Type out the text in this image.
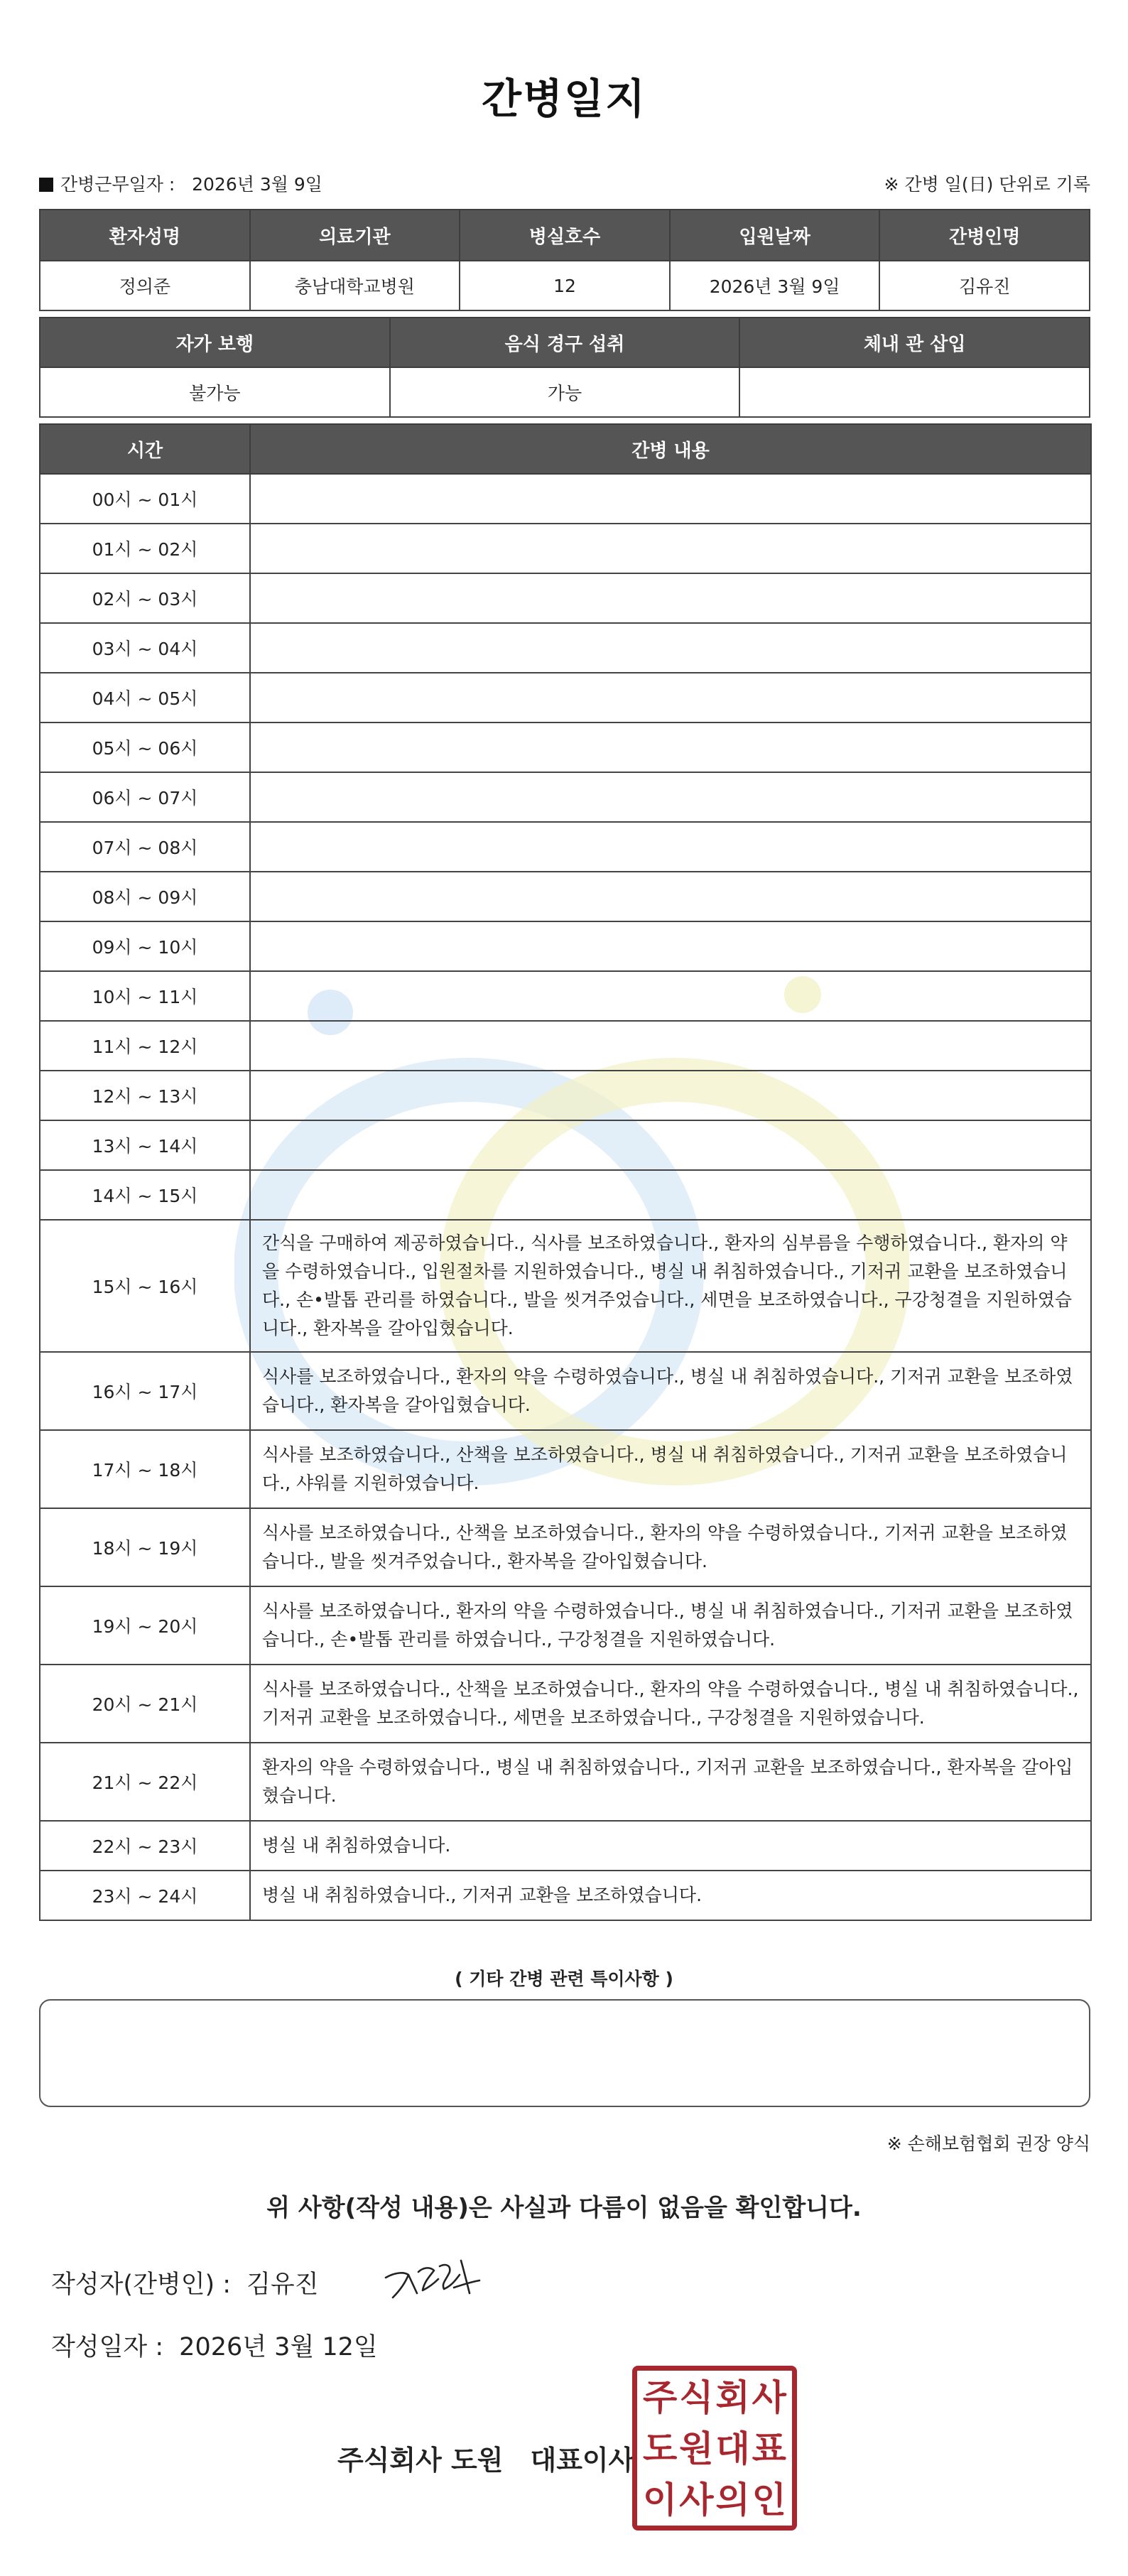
간병일지
간병근무일자 : 2026년 3월 9일	※ 간병 일(日) 단위로 기록
환자성명	의료기관	병실호수	입원날짜	간병인명
정의준	충남대학교병원	12	2026년 3월 9일	김유진
자가 보행	음식 경구 섭취	체내 관 삽입
불가능	가능	
시간	간병 내용
00시 ~ 01시	
01시 ~ 02시	
02시 ~ 03시	
03시 ~ 04시	
04시 ~ 05시	
05시 ~ 06시	
06시 ~ 07시	
07시 ~ 08시	
08시 ~ 09시	
09시 ~ 10시	
10시 ~ 11시	
11시 ~ 12시	
12시 ~ 13시	
13시 ~ 14시	
14시 ~ 15시	
15시 ~ 16시	간식을 구매하여 제공하였습니다., 식사를 보조하였습니다., 환자의 심부름을 수행하였습니다., 환자의 약을 수령하였습니다., 입원절차를 지원하였습니다., 병실 내 취침하였습니다., 기저귀 교환을 보조하였습니다., 손•발톱 관리를 하였습니다., 발을 씻겨주었습니다., 세면을 보조하였습니다., 구강청결을 지원하였습니다., 환자복을 갈아입혔습니다.
16시 ~ 17시	식사를 보조하였습니다., 환자의 약을 수령하였습니다., 병실 내 취침하였습니다., 기저귀 교환을 보조하였습니다., 환자복을 갈아입혔습니다.
17시 ~ 18시	식사를 보조하였습니다., 산책을 보조하였습니다., 병실 내 취침하였습니다., 기저귀 교환을 보조하였습니다., 샤워를 지원하였습니다.
18시 ~ 19시	식사를 보조하였습니다., 산책을 보조하였습니다., 환자의 약을 수령하였습니다., 기저귀 교환을 보조하였습니다., 발을 씻겨주었습니다., 환자복을 갈아입혔습니다.
19시 ~ 20시	식사를 보조하였습니다., 환자의 약을 수령하였습니다., 병실 내 취침하였습니다., 기저귀 교환을 보조하였습니다., 손•발톱 관리를 하였습니다., 구강청결을 지원하였습니다.
20시 ~ 21시	식사를 보조하였습니다., 산책을 보조하였습니다., 환자의 약을 수령하였습니다., 병실 내 취침하였습니다., 기저귀 교환을 보조하였습니다., 세면을 보조하였습니다., 구강청결을 지원하였습니다.
21시 ~ 22시	환자의 약을 수령하였습니다., 병실 내 취침하였습니다., 기저귀 교환을 보조하였습니다., 환자복을 갈아입혔습니다.
22시 ~ 23시	병실 내 취침하였습니다.
23시 ~ 24시	병실 내 취침하였습니다., 기저귀 교환을 보조하였습니다.
( 기타 간병 관련 특이사항 )
※ 손해보험협회 권장 양식
위 사항(작성 내용)은 사실과 다름이 없음을 확인합니다.
작성자(간병인) : 김유진
작성일자 : 2026년 3월 12일
주식회사 도원 대표이사
주 식 회 사
도 원 대 표
이 사 의 인
